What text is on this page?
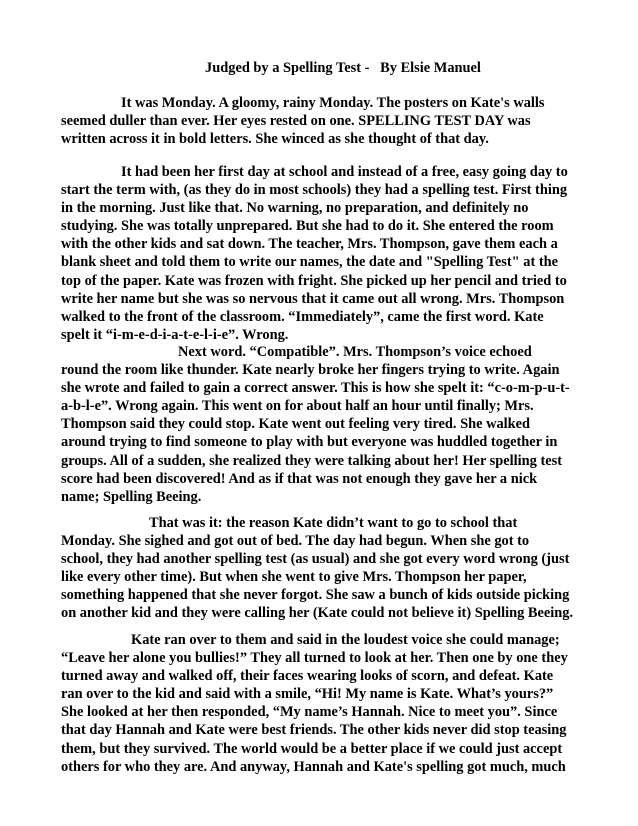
Judged by a Spelling Test -   By Elsie Manuel
It was Monday. A gloomy, rainy Monday. The posters on Kate's walls
seemed duller than ever. Her eyes rested on one. SPELLING TEST DAY was
written across it in bold letters. She winced as she thought of that day.
It had been her first day at school and instead of a free, easy going day to
start the term with, (as they do in most schools) they had a spelling test. First thing
in the morning. Just like that. No warning, no preparation, and definitely no
studying. She was totally unprepared. But she had to do it. She entered the room
with the other kids and sat down. The teacher, Mrs. Thompson, gave them each a
blank sheet and told them to write our names, the date and "Spelling Test" at the
top of the paper. Kate was frozen with fright. She picked up her pencil and tried to
write her name but she was so nervous that it came out all wrong. Mrs. Thompson
walked to the front of the classroom. “Immediately”, came the first word. Kate
spelt it “i-m-e-d-i-a-t-e-l-i-e”. Wrong.
Next word. “Compatible”. Mrs. Thompson’s voice echoed
round the room like thunder. Kate nearly broke her fingers trying to write. Again
she wrote and failed to gain a correct answer. This is how she spelt it: “c-o-m-p-u-t-
a-b-l-e”. Wrong again. This went on for about half an hour until finally; Mrs.
Thompson said they could stop. Kate went out feeling very tired. She walked
around trying to find someone to play with but everyone was huddled together in
groups. All of a sudden, she realized they were talking about her! Her spelling test
score had been discovered! And as if that was not enough they gave her a nick
name; Spelling Beeing.
That was it: the reason Kate didn’t want to go to school that
Monday. She sighed and got out of bed. The day had begun. When she got to
school, they had another spelling test (as usual) and she got every word wrong (just
like every other time). But when she went to give Mrs. Thompson her paper,
something happened that she never forgot. She saw a bunch of kids outside picking
on another kid and they were calling her (Kate could not believe it) Spelling Beeing.
Kate ran over to them and said in the loudest voice she could manage;
“Leave her alone you bullies!” They all turned to look at her. Then one by one they
turned away and walked off, their faces wearing looks of scorn, and defeat. Kate
ran over to the kid and said with a smile, “Hi! My name is Kate. What’s yours?”
She looked at her then responded, “My name’s Hannah. Nice to meet you”. Since
that day Hannah and Kate were best friends. The other kids never did stop teasing
them, but they survived. The world would be a better place if we could just accept
others for who they are. And anyway, Hannah and Kate's spelling got much, much
